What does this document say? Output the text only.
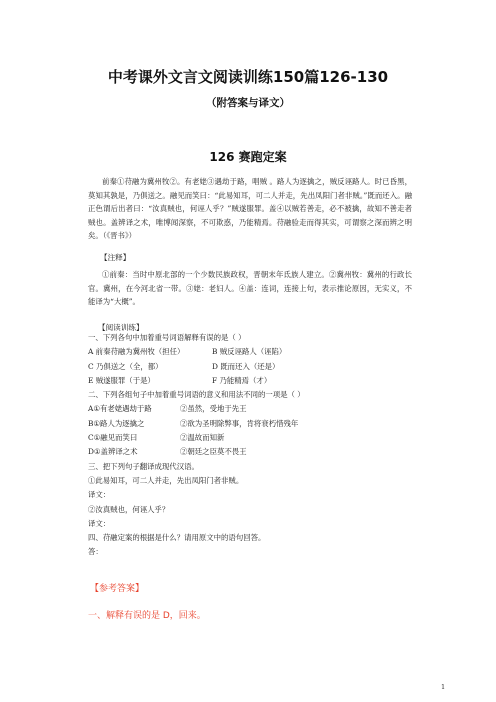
中考课外文言文阅读训练150篇126-130
（附答案与译文）
126 赛跑定案
前秦①苻融为冀州牧②。有老姥③遇劫于路，唱贼 。路人为逐擒之，贼反诬路人。时已昏黑，莫知其孰是，乃俱送之。融见而笑曰：“此易知耳，可二人并走，先出凤阳门者非贼。”既而还入。融正色谓后出者曰：“汝真贼也，何诬人乎？”贼遂服罪。盖④以贼若善走，必不被擒，故知不善走者贼也。盖辨译之术，唯博闻深察，不可欺惑，乃能精焉。苻融验走而得其实，可谓察之深而辨之明矣。（《晋书》）
【注释】
①前秦：当时中原北部的一个少数民族政权，晋朝末年氐族人建立。②冀州牧：冀州的行政长官。冀州，在今河北省一带。③姥：老妇人。④盖：连词，连接上句，表示推论原因，无实义，不能译为“大概”。
【阅读训练】
一、下列各句中加着重号词语解释有误的是（ ）
A 前秦苻融为冀州牧（担任）	B 贼反诬路人（诬陷）
C 乃俱送之（全，都）	D 既而还入（还是）
E 贼遂服罪（于是）	F 乃能精焉（才）
二、下列各组句子中加着重号词语的意义和用法不同的一项是（ ）
A①有老姥遇劫于路	②虽然，受地于先王
B①路人为逐擒之	②欲为圣明除弊事，肯将衰朽惜残年
C①融见而笑曰	②温故而知新
D①盖辨译之术	②朝廷之臣莫不畏王
三、把下列句子翻译成现代汉语。
①此易知耳，可二人并走，先出凤阳门者非贼。
译文：
②汝真贼也，何诬人乎？
译文：
四、苻融定案的根据是什么？请用原文中的语句回答。
答：
【参考答案】
一、解释有误的是 D，回来。
1
